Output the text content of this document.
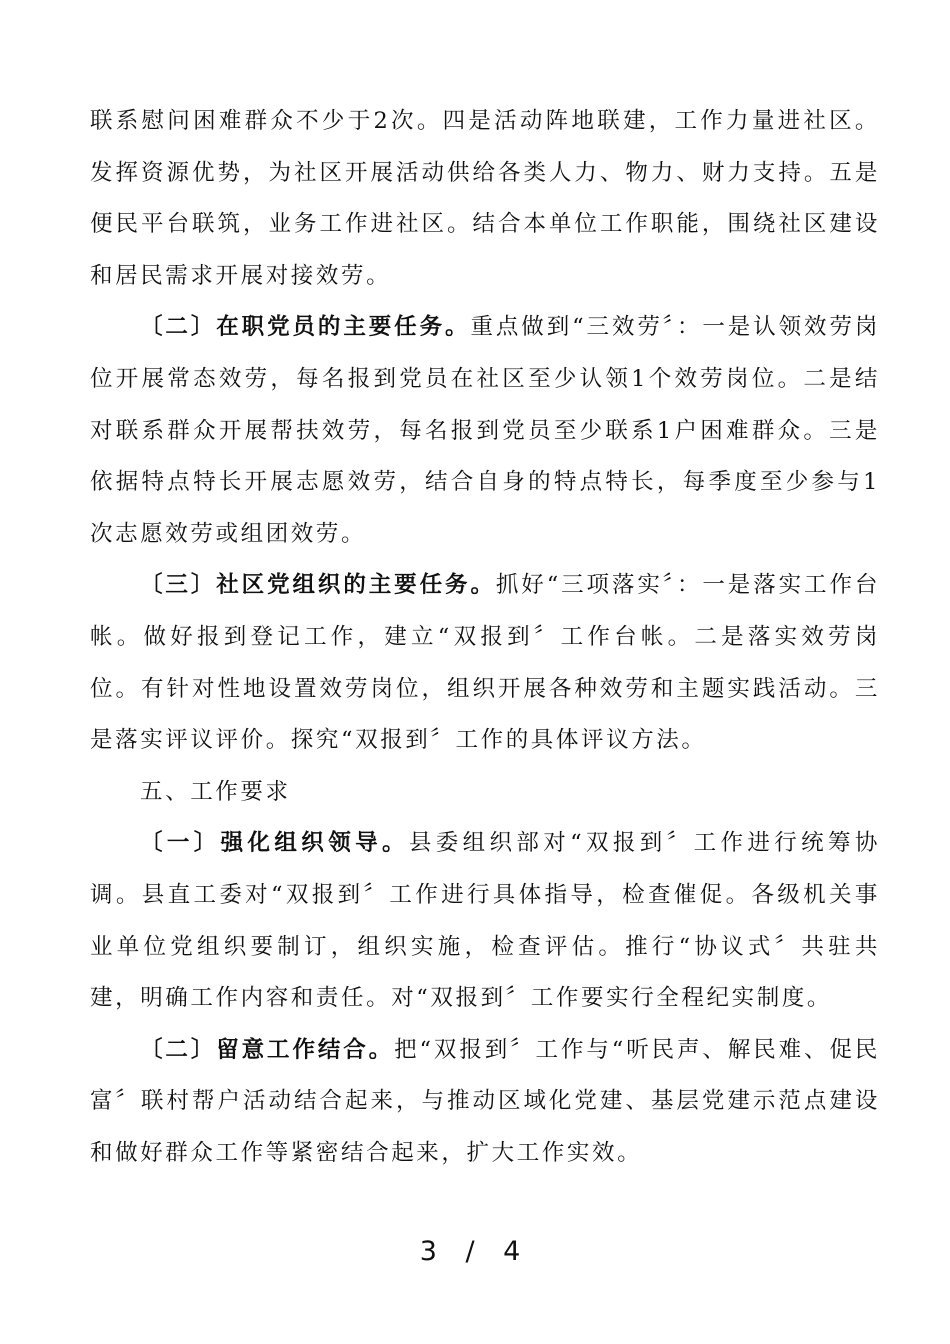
联系慰问困难群众不少于2次。四是活动阵地联建，工作力量进社区。发挥资源优势，为社区开展活动供给各类人力、物力、财力支持。五是便民平台联筑，业务工作进社区。结合本单位工作职能，围绕社区建设和居民需求开展对接效劳。

〔二〕在职党员的主要任务。重点做到“三效劳〞：一是认领效劳岗位开展常态效劳，每名报到党员在社区至少认领1个效劳岗位。二是结对联系群众开展帮扶效劳，每名报到党员至少联系1户困难群众。三是依据特点特长开展志愿效劳，结合自身的特点特长，每季度至少参与1次志愿效劳或组团效劳。

〔三〕社区党组织的主要任务。抓好“三项落实〞：一是落实工作台帐。做好报到登记工作，建立“双报到〞工作台帐。二是落实效劳岗位。有针对性地设置效劳岗位，组织开展各种效劳和主题实践活动。三是落实评议评价。探究“双报到〞工作的具体评议方法。

五、工作要求

〔一〕强化组织领导。县委组织部对“双报到〞工作进行统筹协调。县直工委对“双报到〞工作进行具体指导，检查催促。各级机关事业单位党组织要制订，组织实施，检查评估。推行“协议式〞共驻共建，明确工作内容和责任。对“双报到〞工作要实行全程纪实制度。

〔二〕留意工作结合。把“双报到〞工作与“听民声、解民难、促民富〞联村帮户活动结合起来，与推动区域化党建、基层党建示范点建设和做好群众工作等紧密结合起来，扩大工作实效。

3 / 4
